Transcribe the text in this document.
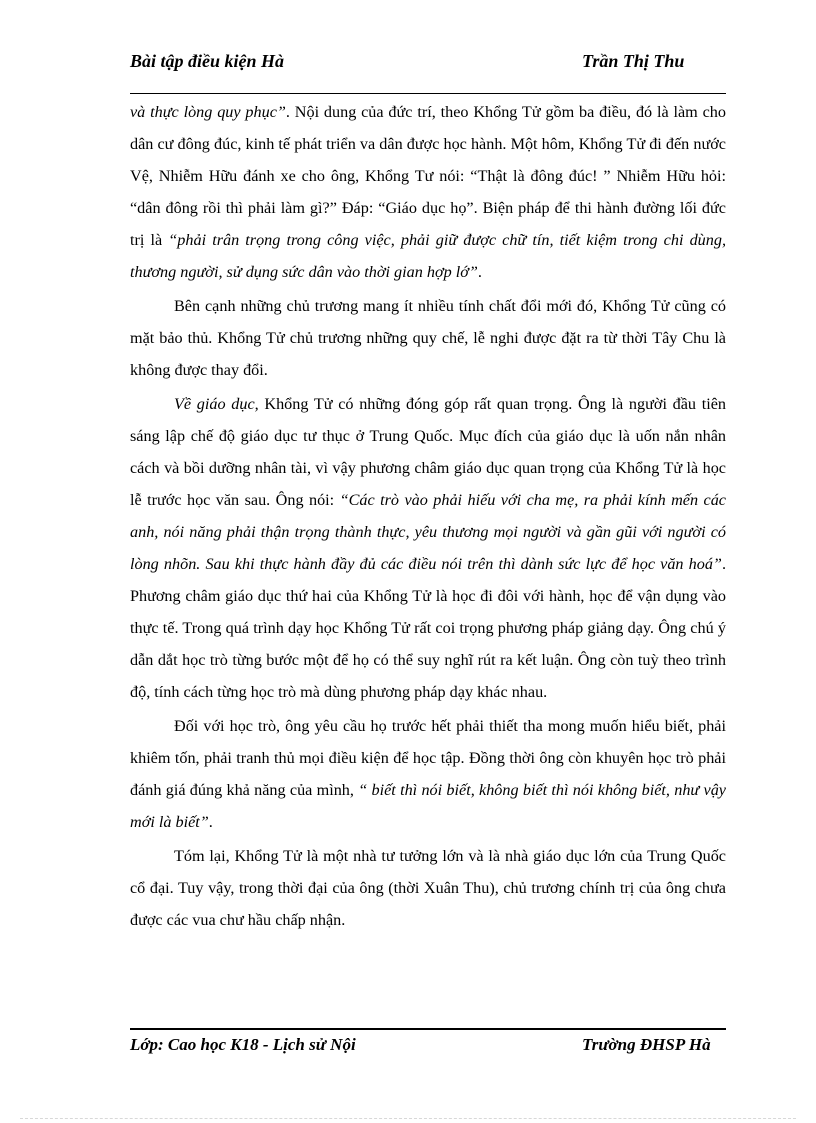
Bài tập điều kiện Hà	Trần Thị Thu

và thực lòng quy phục”. Nội dung của đức trí, theo Khổng Tử gồm ba điều, đó là làm cho dân cư đông đúc, kinh tế phát triển va dân được học hành. Một hôm, Khổng Tử đi đến nước Vệ, Nhiễm Hữu đánh xe cho ông, Khổng Tư nói: “Thật là đông đúc! ” Nhiễm Hữu hỏi: “dân đông rồi thì phải làm gì?” Đáp: “Giáo dục họ”. Biện pháp để thi hành đường lối đức trị là “phải trân trọng trong công việc, phải giữ được chữ tín, tiết kiệm trong chi dùng, thương người, sử dụng sức dân vào thời gian hợp lớ”.

Bên cạnh những chủ trương mang ít nhiều tính chất đổi mới đó, Khổng Tử cũng có mặt bảo thủ. Khổng Tử chủ trương những quy chế, lễ nghi được đặt ra từ thời Tây Chu là không được thay đổi.

Về giáo dục, Khổng Tử có những đóng góp rất quan trọng. Ông là người đầu tiên sáng lập chế độ giáo dục tư thục ở Trung Quốc. Mục đích của giáo dục là uốn nắn nhân cách và bồi dưỡng nhân tài, vì vậy phương châm giáo dục quan trọng của Khổng Tử là học lễ trước học văn sau. Ông nói: “Các trò vào phải hiếu với cha mẹ, ra phải kính mến các anh, nói năng phải thận trọng thành thực, yêu thương mọi người và gần gũi với người có lòng nhõn. Sau khi thực hành đầy đủ các điều nói trên thì dành sức lực để học văn hoá”. Phương châm giáo dục thứ hai của Khổng Tử là học đi đôi với hành, học để vận dụng vào thực tế. Trong quá trình dạy học Khổng Tử rất coi trọng phương pháp giảng dạy. Ông chú ý dẫn dắt học trò từng bước một để họ có thể suy nghĩ rút ra kết luận. Ông còn tuỳ theo trình độ, tính cách từng học trò mà dùng phương pháp dạy khác nhau.

Đối với học trò, ông yêu cầu họ trước hết phải thiết tha mong muốn hiểu biết, phải khiêm tốn, phải tranh thủ mọi điều kiện để học tập. Đồng thời ông còn khuyên học trò phải đánh giá đúng khả năng của mình, “ biết thì nói biết, không biết thì nói không biết, như vậy mới là biết”.

Tóm lại, Khổng Tử là một nhà tư tưởng lớn và là nhà giáo dục lớn của Trung Quốc cổ đại. Tuy vậy, trong thời đại của ông (thời Xuân Thu), chủ trương chính trị của ông chưa được các vua chư hầu chấp nhận.

Lớp: Cao học K18 - Lịch sử Nội	Trường ĐHSP Hà
